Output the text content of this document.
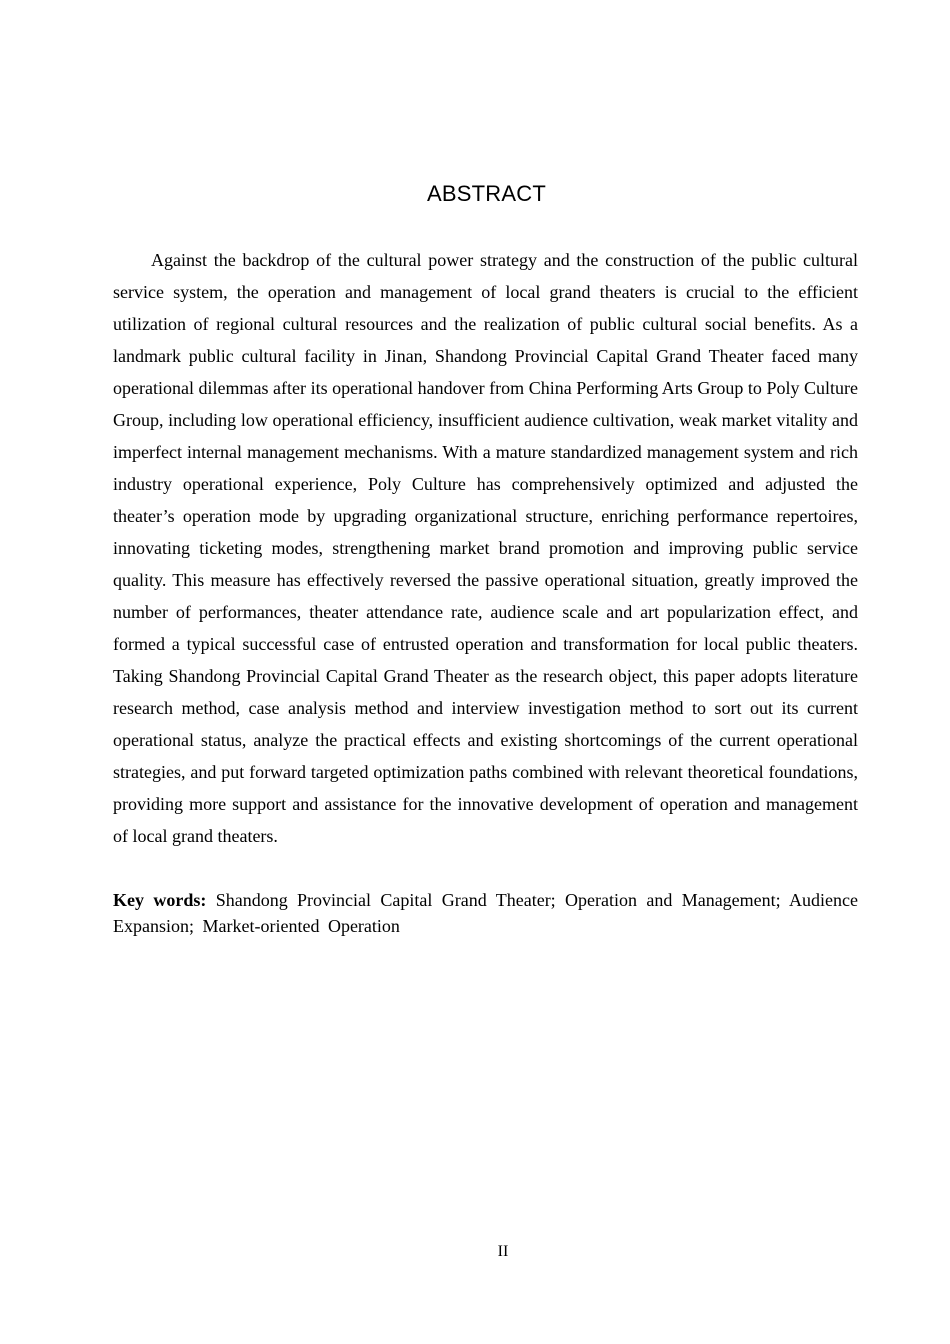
ABSTRACT

Against the backdrop of the cultural power strategy and the construction of the public cultural service system, the operation and management of local grand theaters is crucial to the efficient utilization of regional cultural resources and the realization of public cultural social benefits. As a landmark public cultural facility in Jinan, Shandong Provincial Capital Grand Theater faced many operational dilemmas after its operational handover from China Performing Arts Group to Poly Culture Group, including low operational efficiency, insufficient audience cultivation, weak market vitality and imperfect internal management mechanisms. With a mature standardized management system and rich industry operational experience, Poly Culture has comprehensively optimized and adjusted the theater’s operation mode by upgrading organizational structure, enriching performance repertoires, innovating ticketing modes, strengthening market brand promotion and improving public service quality. This measure has effectively reversed the passive operational situation, greatly improved the number of performances, theater attendance rate, audience scale and art popularization effect, and formed a typical successful case of entrusted operation and transformation for local public theaters. Taking Shandong Provincial Capital Grand Theater as the research object, this paper adopts literature research method, case analysis method and interview investigation method to sort out its current operational status, analyze the practical effects and existing shortcomings of the current operational strategies, and put forward targeted optimization paths combined with relevant theoretical foundations, providing more support and assistance for the innovative development of operation and management of local grand theaters.

Key words: Shandong Provincial Capital Grand Theater; Operation and Management; Audience Expansion; Market-oriented Operation

II
